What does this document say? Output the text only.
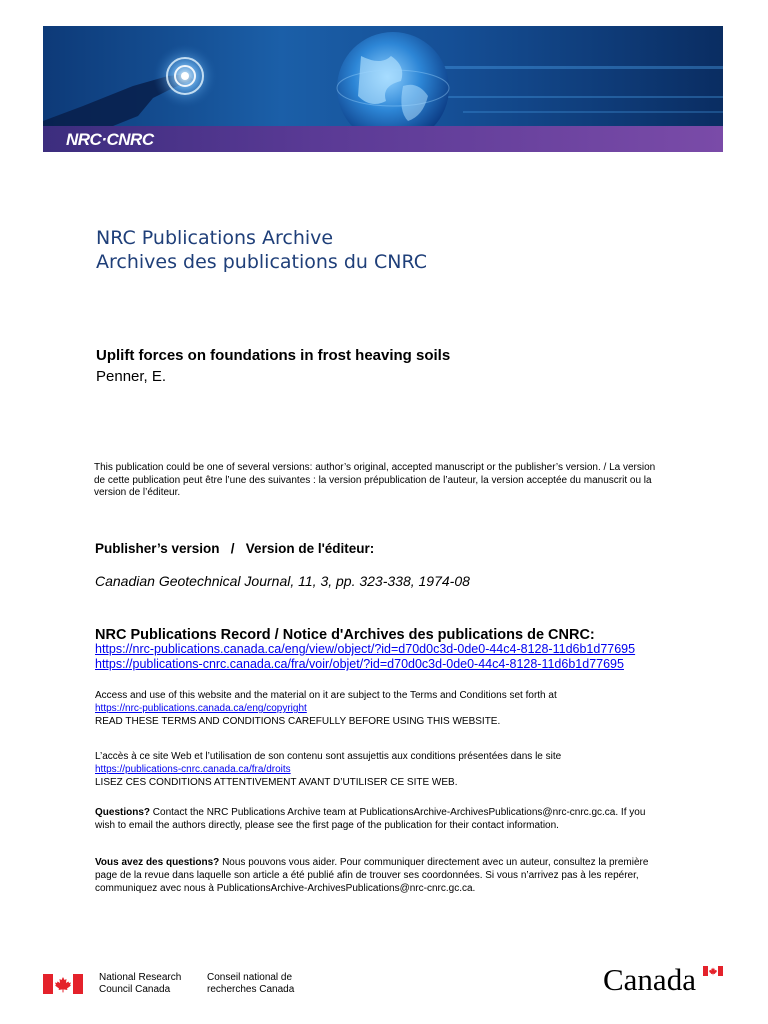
NRC·CNRC
NRC Publications Archive
Archives des publications du CNRC
Uplift forces on foundations in frost heaving soils
Penner, E.
This publication could be one of several versions: author’s original, accepted manuscript or the publisher’s version. / La version de cette publication peut être l’une des suivantes : la version prépublication de l’auteur, la version acceptée du manuscrit ou la version de l’éditeur.
Publisher’s version   /   Version de l'éditeur:
Canadian Geotechnical Journal, 11, 3, pp. 323-338, 1974-08
NRC Publications Record / Notice d'Archives des publications de CNRC:
https://nrc-publications.canada.ca/eng/view/object/?id=d70d0c3d-0de0-44c4-8128-11d6b1d77695
https://publications-cnrc.canada.ca/fra/voir/objet/?id=d70d0c3d-0de0-44c4-8128-11d6b1d77695
Access and use of this website and the material on it are subject to the Terms and Conditions set forth at
https://nrc-publications.canada.ca/eng/copyright
READ THESE TERMS AND CONDITIONS CAREFULLY BEFORE USING THIS WEBSITE.
L’accès à ce site Web et l’utilisation de son contenu sont assujettis aux conditions présentées dans le site
https://publications-cnrc.canada.ca/fra/droits
LISEZ CES CONDITIONS ATTENTIVEMENT AVANT D’UTILISER CE SITE WEB.
Questions? Contact the NRC Publications Archive team at PublicationsArchive-ArchivesPublications@nrc-cnrc.gc.ca. If you wish to email the authors directly, please see the first page of the publication for their contact information.
Vous avez des questions? Nous pouvons vous aider. Pour communiquer directement avec un auteur, consultez la première page de la revue dans laquelle son article a été publié afin de trouver ses coordonnées. Si vous n’arrivez pas à les repérer, communiquez avec nous à PublicationsArchive-ArchivesPublications@nrc-cnrc.gc.ca.
National Research
Council Canada
Conseil national de
recherches Canada	Canada
